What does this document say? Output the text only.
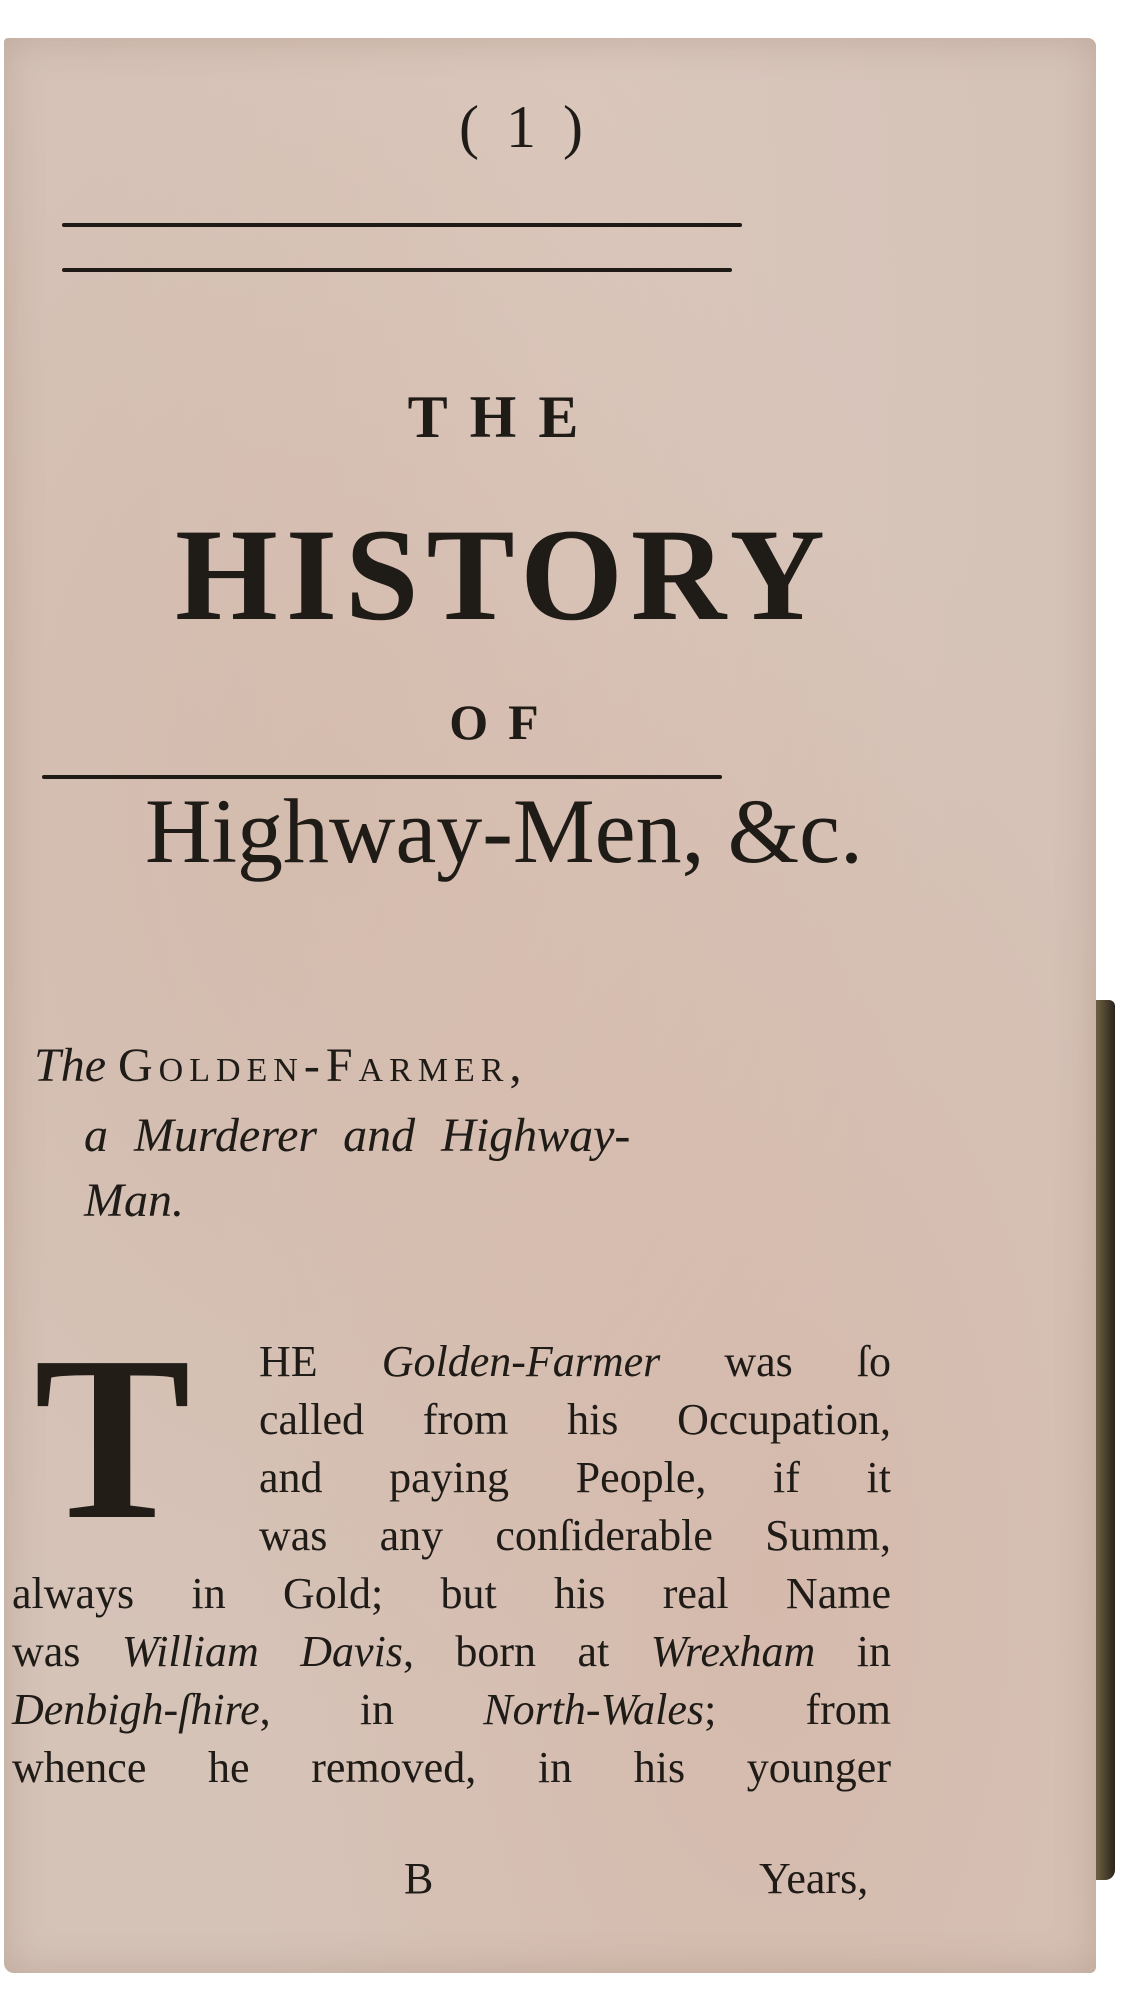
( 1 )
THE
HISTORY
OF
Highway-Men, &c.
The Golden-Farmer,
a Murderer and Highway-
Man.
T HE Golden-Farmer was ſo
called from his Occupation,
and paying People, if it
was any conſiderable Summ,
always in Gold; but his real Name
was William Davis, born at Wrexham in
Denbigh-ſhire, in North-Wales; from
whence he removed, in his younger
B	Years,
